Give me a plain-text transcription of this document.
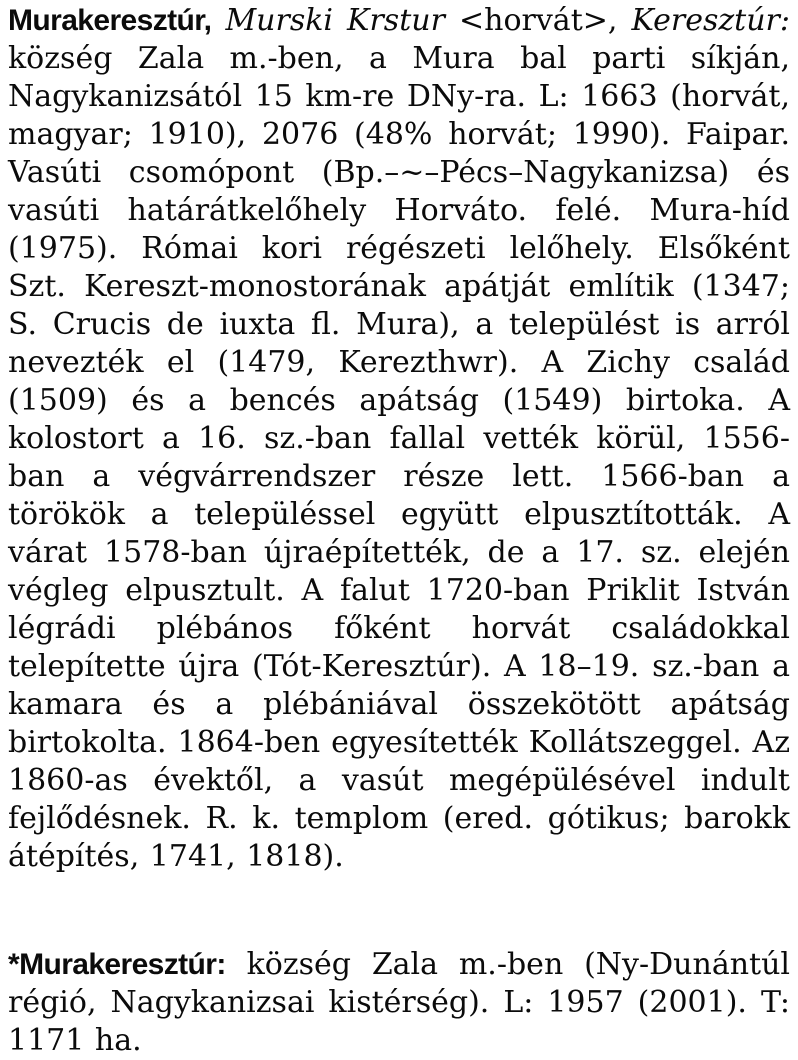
Murakeresztúr, Murski Krstur <horvát>, Keresztúr: község Zala m.-ben, a Mura bal parti síkján, Nagykanizsától 15 km-re DNy-ra. L: 1663 (horvát, magyar; 1910), 2076 (48% horvát; 1990). Faipar. Vasúti csomópont (Bp.–~–Pécs–Nagykanizsa) és vasúti határátkelőhely Horváto. felé. Mura-híd (1975). Római kori régészeti lelőhely. Elsőként Szt. Kereszt-monostorának apátját említik (1347; S. Crucis de iuxta fl. Mura), a települést is arról nevezték el (1479, Kerezthwr). A Zichy család (1509) és a bencés apátság (1549) birtoka. A kolostort a 16. sz.-ban fallal vették körül, 1556-ban a végvárrendszer része lett. 1566-ban a törökök a településsel együtt elpusztították. A várat 1578-ban újraépítették, de a 17. sz. elején végleg elpusztult. A falut 1720-ban Priklit István légrádi plébános főként horvát családokkal telepítette újra (Tót-Keresztúr). A 18–19. sz.-ban a kamara és a plébániával összekötött apátság birtokolta. 1864-ben egyesítették Kollátszeggel. Az 1860-as évektől, a vasút megépülésével indult fejlődésnek. R. k. templom (ered. gótikus; barokk átépítés, 1741, 1818).

*Murakeresztúr: község Zala m.-ben (Ny-Dunántúl régió, Nagykanizsai kistérség). L: 1957 (2001). T: 1171 ha.
